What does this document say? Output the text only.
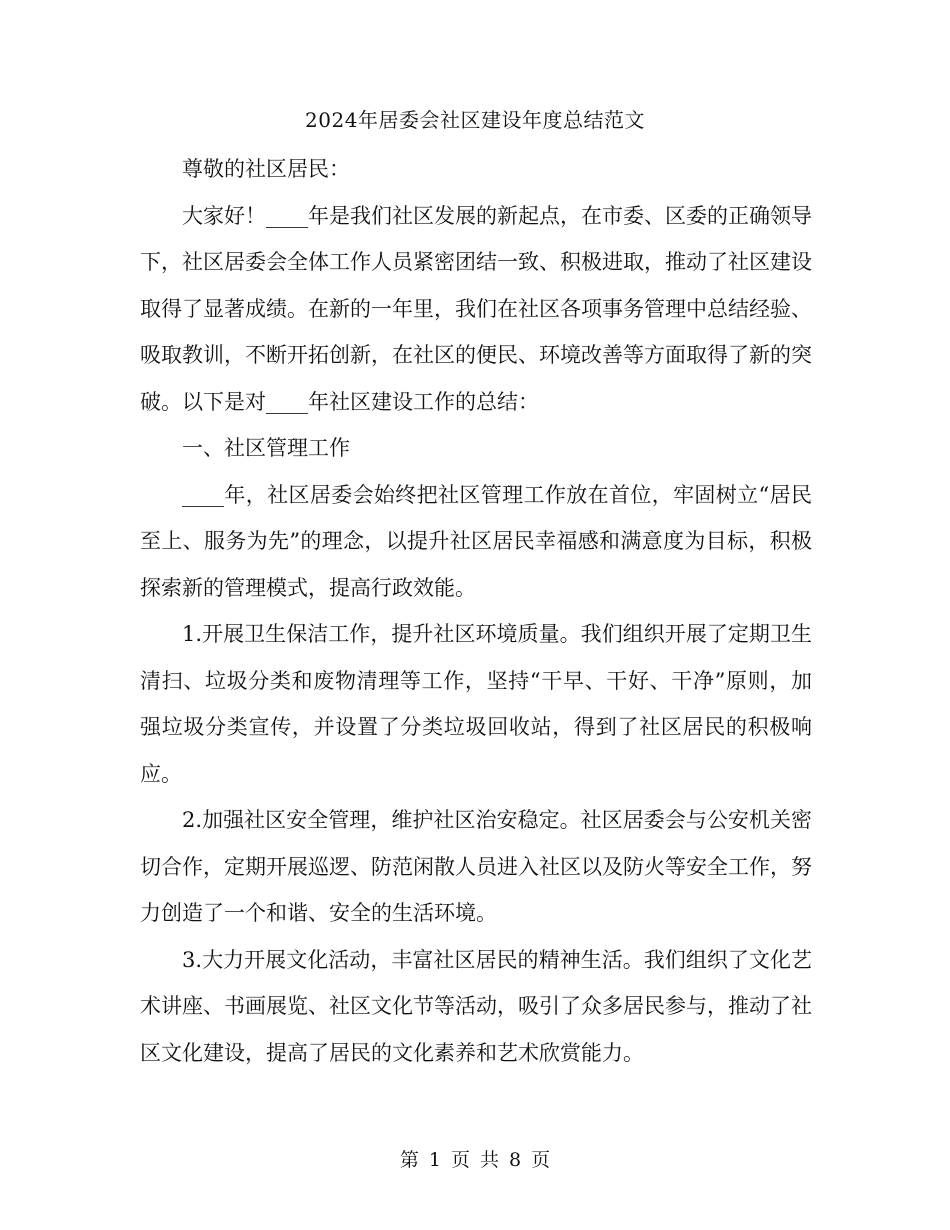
2024年居委会社区建设年度总结范文

尊敬的社区居民：

大家好！____年是我们社区发展的新起点，在市委、区委的正确领导下，社区居委会全体工作人员紧密团结一致、积极进取，推动了社区建设取得了显著成绩。在新的一年里，我们在社区各项事务管理中总结经验、吸取教训，不断开拓创新，在社区的便民、环境改善等方面取得了新的突破。以下是对____年社区建设工作的总结：

一、社区管理工作

____年，社区居委会始终把社区管理工作放在首位，牢固树立“居民至上、服务为先”的理念，以提升社区居民幸福感和满意度为目标，积极探索新的管理模式，提高行政效能。

1.开展卫生保洁工作，提升社区环境质量。我们组织开展了定期卫生清扫、垃圾分类和废物清理等工作，坚持“干早、干好、干净”原则，加强垃圾分类宣传，并设置了分类垃圾回收站，得到了社区居民的积极响应。

2.加强社区安全管理，维护社区治安稳定。社区居委会与公安机关密切合作，定期开展巡逻、防范闲散人员进入社区以及防火等安全工作，努力创造了一个和谐、安全的生活环境。

3.大力开展文化活动，丰富社区居民的精神生活。我们组织了文化艺术讲座、书画展览、社区文化节等活动，吸引了众多居民参与，推动了社区文化建设，提高了居民的文化素养和艺术欣赏能力。

第 1 页 共 8 页
